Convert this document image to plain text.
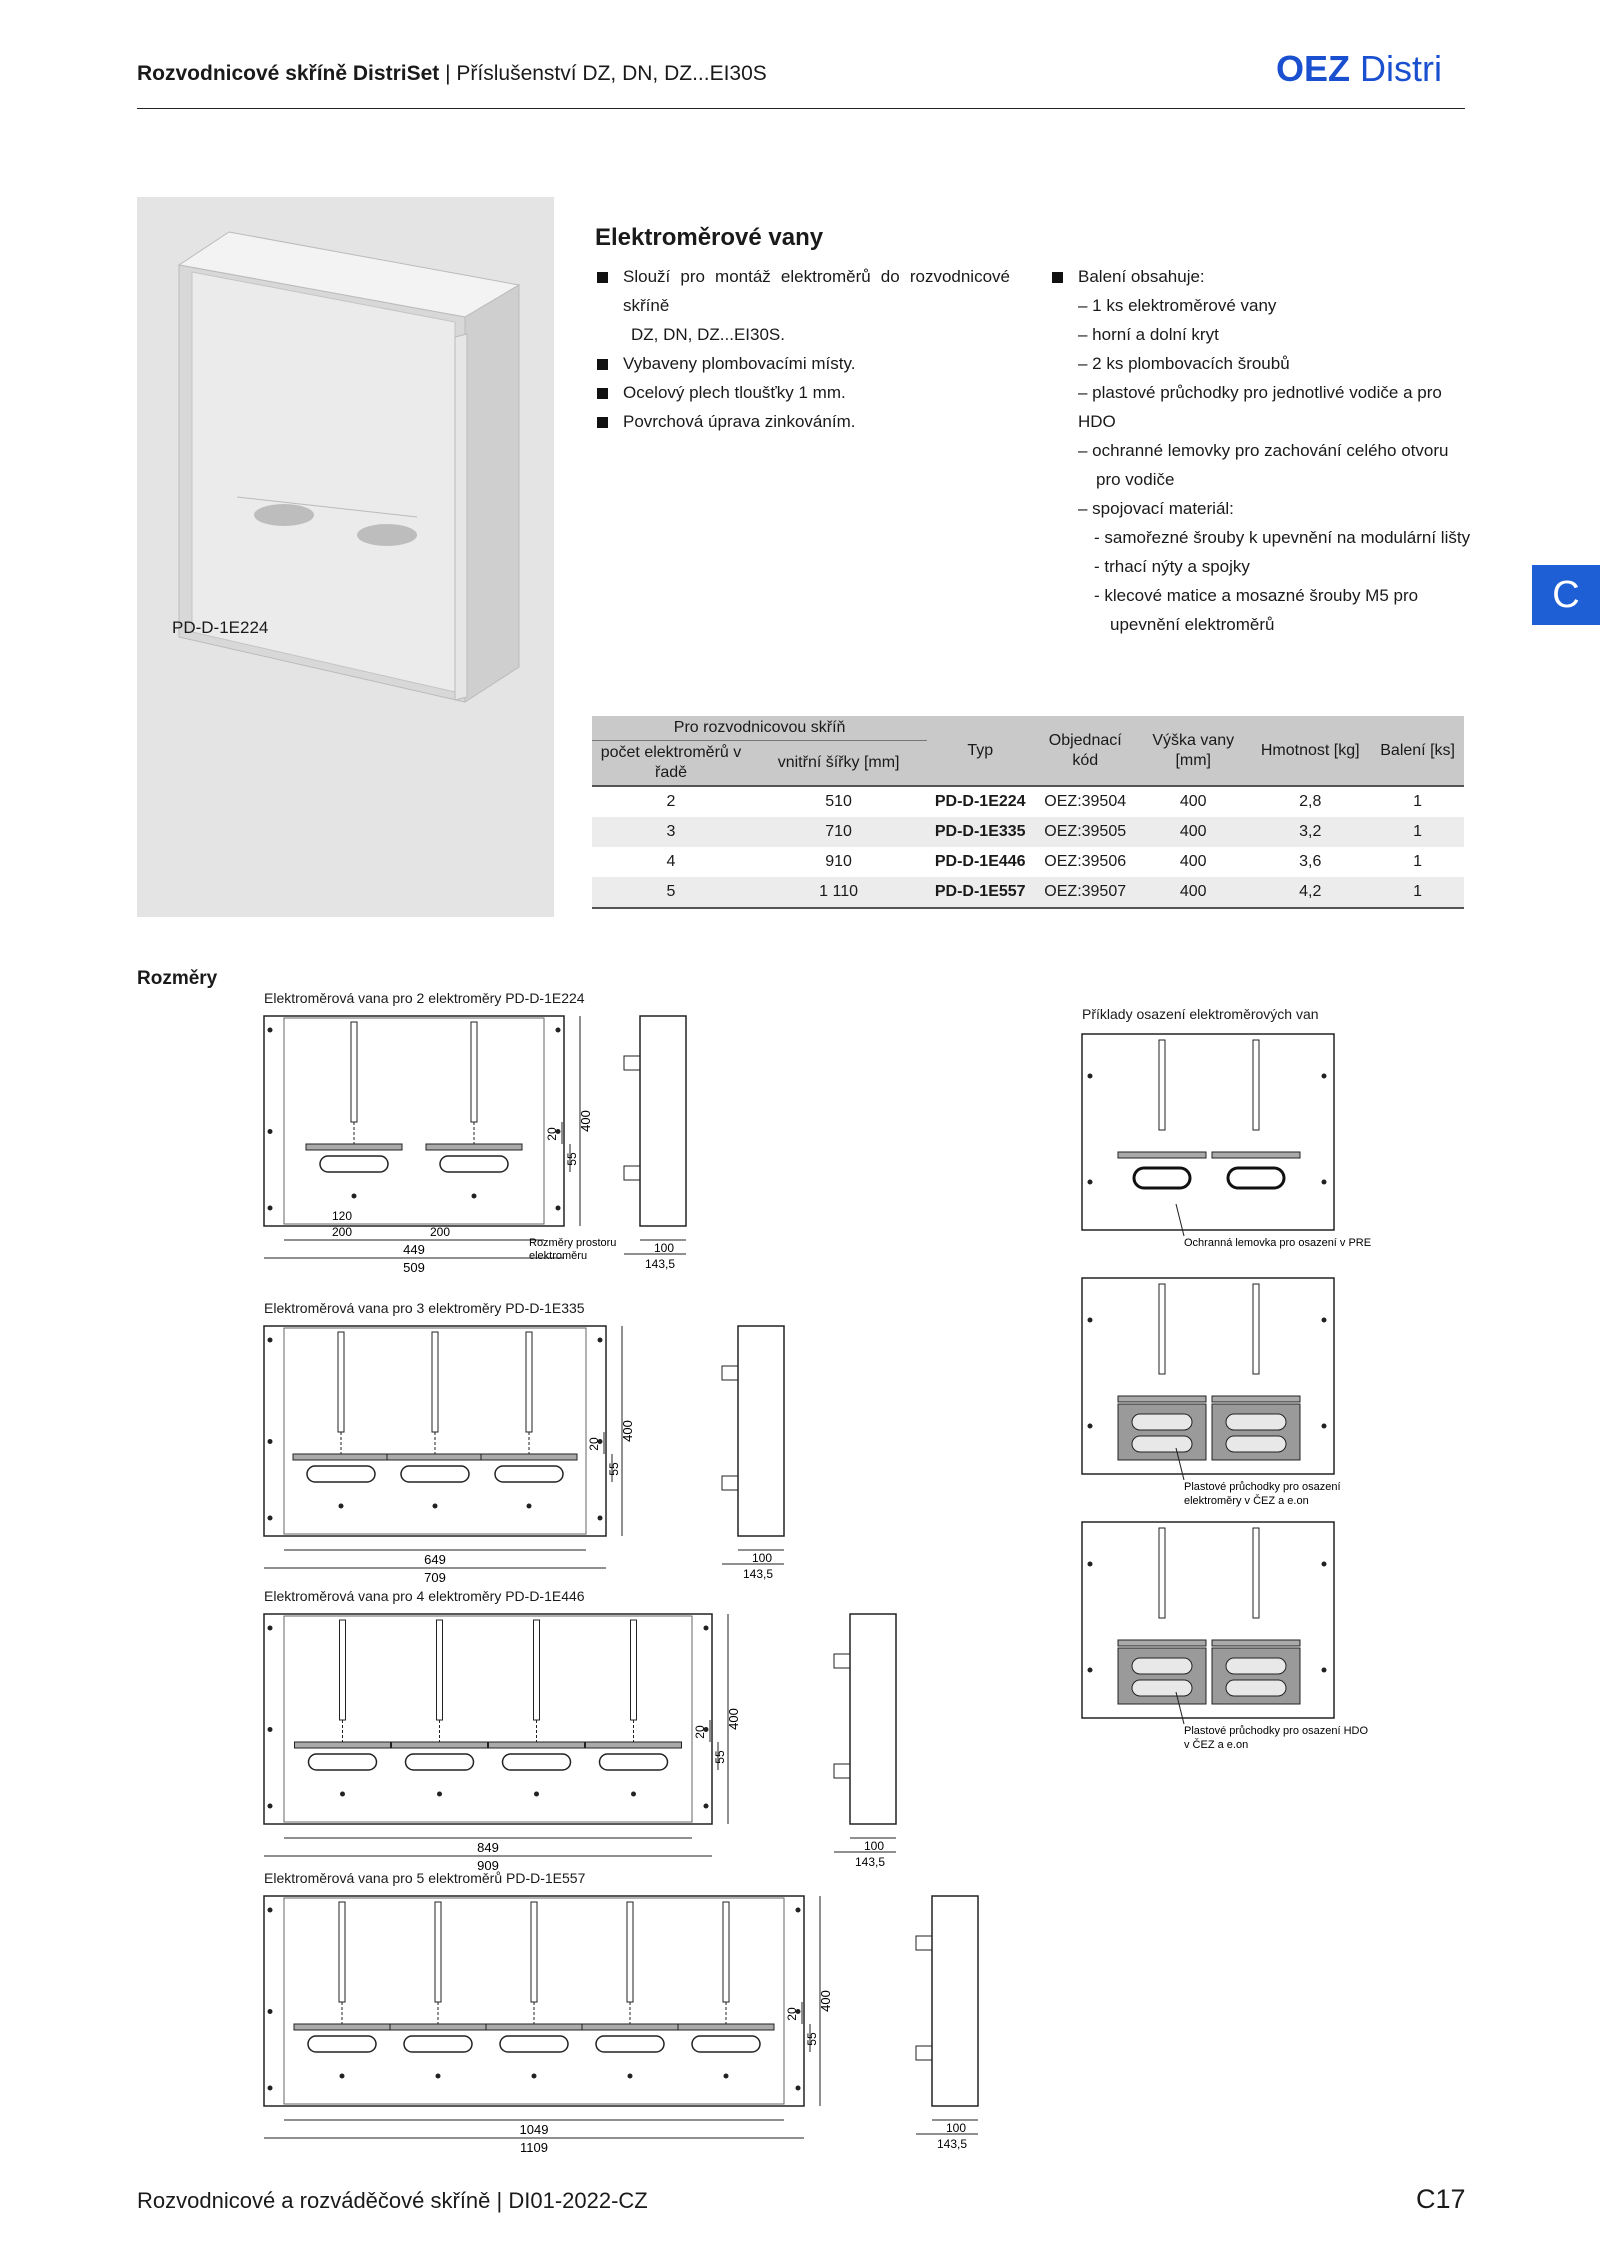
Rozvodnicové skříně DistriSet | Příslušenství DZ, DN, DZ...EI30S	OEZ Distri
PD-D-1E224
Elektroměrové vany
Slouží pro montáž elektroměrů do rozvodnicové skříně
DZ, DN, DZ...EI30S.
Vybaveny plombovacími místy.
Ocelový plech tloušťky 1 mm.
Povrchová úprava zinkováním.
Balení obsahuje:
– 1 ks elektroměrové vany
– horní a dolní kryt
– 2 ks plombovacích šroubů
– plastové průchodky pro jednotlivé vodiče a pro HDO
– ochranné lemovky pro zachování celého otvoru
pro vodiče
– spojovací materiál:
- samořezné šrouby k upevnění na modulární lišty
- trhací nýty a spojky
- klecové matice a mosazné šrouby M5 pro
upevnění elektroměrů
C
Pro rozvodnicovou skříň		Typ	Objednací kód	Výška vany [mm]	Hmotnost [kg]	Balení [ks]
počet elektroměrů v řadě	vnitřní šířky [mm]					
2	510	PD-D-1E224	OEZ:39504	400	2,8	1
3	710	PD-D-1E335	OEZ:39505	400	3,2	1
4	910	PD-D-1E446	OEZ:39506	400	3,6	1
5	1 110	PD-D-1E557	OEZ:39507	400	4,2	1
Rozměry
Elektroměrová vana pro 2 elektroměry PD-D-1E224
400
20
55
449
509
120
200	200
Rozměry prostoru
elektroměru
100
143,5
Elektroměrová vana pro 3 elektroměry PD-D-1E335
400
20
55
649
709
100
143,5
Elektroměrová vana pro 4 elektroměry PD-D-1E446
400
20
55
849
909
100
143,5
Elektroměrová vana pro 5 elektroměrů PD-D-1E557
400
20
55
1049
1109
100
143,5
Příklady osazení elektroměrových van
Ochranná lemovka pro osazení v PRE
Plastové průchodky pro osazení
elektroměry v ČEZ a e.on
Plastové průchodky pro osazení HDO
v ČEZ a e.on
Rozvodnicové a rozváděčové skříně | DI01-2022-CZ	C17
